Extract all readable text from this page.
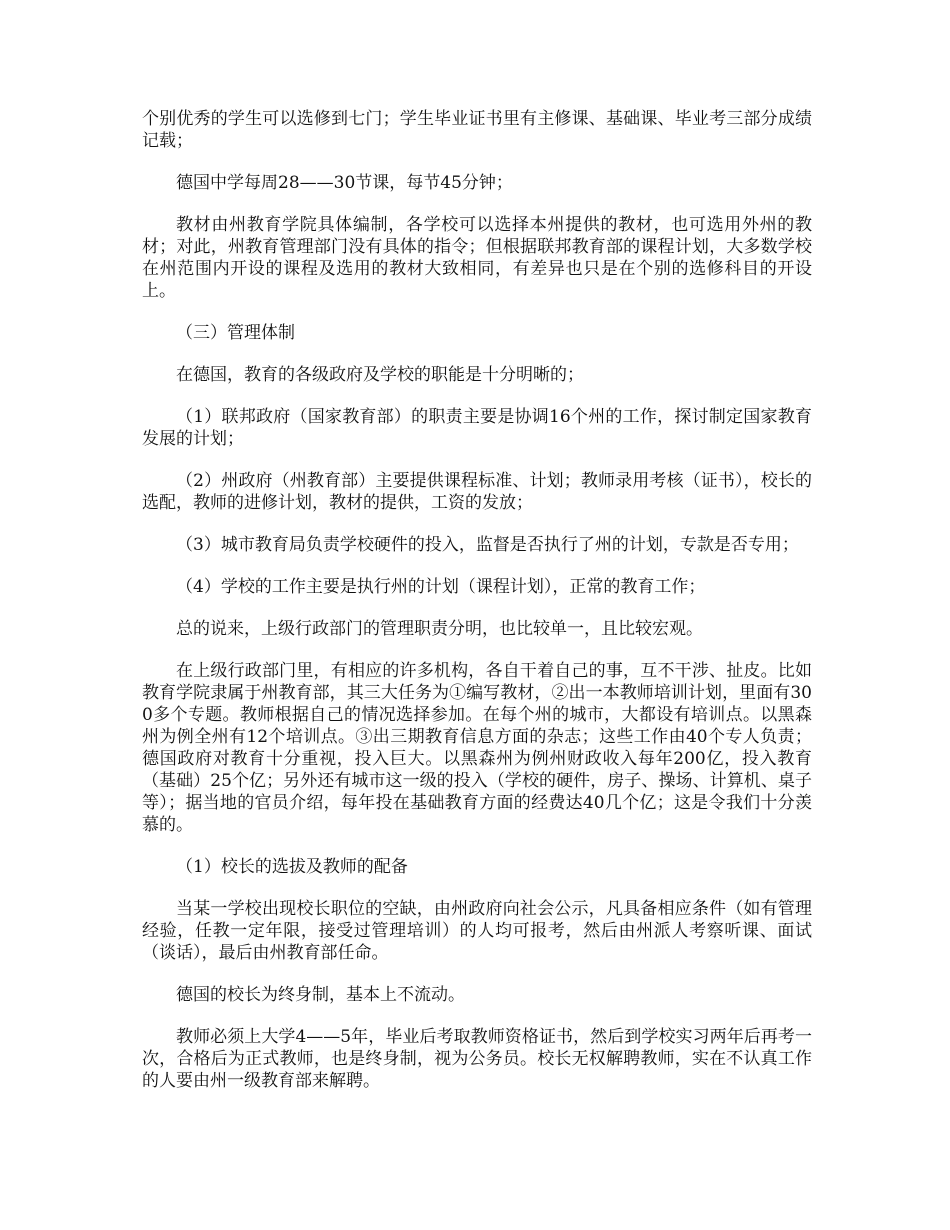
个别优秀的学生可以选修到七门；学生毕业证书里有主修课、基础课、毕业考三部分成绩记载；

德国中学每周28——30节课，每节45分钟；

教材由州教育学院具体编制，各学校可以选择本州提供的教材，也可选用外州的教材；对此，州教育管理部门没有具体的指令；但根据联邦教育部的课程计划，大多数学校在州范围内开设的课程及选用的教材大致相同，有差异也只是在个别的选修科目的开设上。

（三）管理体制

在德国，教育的各级政府及学校的职能是十分明晰的；

（1）联邦政府（国家教育部）的职责主要是协调16个州的工作，探讨制定国家教育发展的计划；

（2）州政府（州教育部）主要提供课程标准、计划；教师录用考核（证书），校长的选配，教师的进修计划，教材的提供，工资的发放；

（3）城市教育局负责学校硬件的投入，监督是否执行了州的计划，专款是否专用；

（4）学校的工作主要是执行州的计划（课程计划），正常的教育工作；

总的说来，上级行政部门的管理职责分明，也比较单一，且比较宏观。

在上级行政部门里，有相应的许多机构，各自干着自己的事，互不干涉、扯皮。比如教育学院隶属于州教育部，其三大任务为①编写教材，②出一本教师培训计划，里面有300多个专题。教师根据自己的情况选择参加。在每个州的城市，大都设有培训点。以黑森州为例全州有12个培训点。③出三期教育信息方面的杂志；这些工作由40个专人负责；德国政府对教育十分重视，投入巨大。以黑森州为例州财政收入每年200亿，投入教育（基础）25个亿；另外还有城市这一级的投入（学校的硬件，房子、操场、计算机、桌子等）；据当地的官员介绍，每年投在基础教育方面的经费达40几个亿；这是令我们十分羡慕的。

（1）校长的选拔及教师的配备

当某一学校出现校长职位的空缺，由州政府向社会公示，凡具备相应条件（如有管理经验，任教一定年限，接受过管理培训）的人均可报考，然后由州派人考察听课、面试（谈话），最后由州教育部任命。

德国的校长为终身制，基本上不流动。

教师必须上大学4——5年，毕业后考取教师资格证书，然后到学校实习两年后再考一次，合格后为正式教师，也是终身制，视为公务员。校长无权解聘教师，实在不认真工作的人要由州一级教育部来解聘。
